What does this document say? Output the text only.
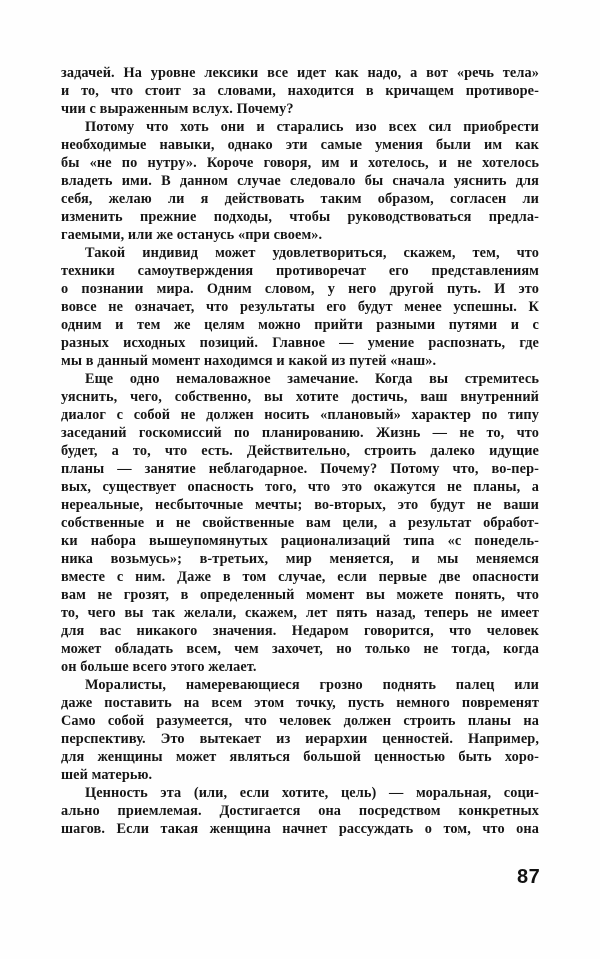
задачей. На уровне лексики все идет как надо, а вот «речь тела»
и то, что стоит за словами, находится в кричащем противоре-
чии с выраженным вслух. Почему?
Потому что хоть они и старались изо всех сил приобрести
необходимые навыки, однако эти самые умения были им как
бы «не по нутру». Короче говоря, им и хотелось, и не хотелось
владеть ими. В данном случае следовало бы сначала уяснить для
себя, желаю ли я действовать таким образом, согласен ли
изменить прежние подходы, чтобы руководствоваться предла-
гаемыми, или же останусь «при своем».
Такой индивид может удовлетвориться, скажем, тем, что
техники самоутверждения противоречат его представлениям
о познании мира. Одним словом, у него другой путь. И это
вовсе не означает, что результаты его будут менее успешны. К
одним и тем же целям можно прийти разными путями и с
разных исходных позиций. Главное — умение распознать, где
мы в данный момент находимся и какой из путей «наш».
Еще одно немаловажное замечание. Когда вы стремитесь
уяснить, чего, собственно, вы хотите достичь, ваш внутренний
диалог с собой не должен носить «плановый» характер по типу
заседаний госкомиссий по планированию. Жизнь — не то, что
будет, а то, что есть. Действительно, строить далеко идущие
планы — занятие неблагодарное. Почему? Потому что, во-пер-
вых, существует опасность того, что это окажутся не планы, а
нереальные, несбыточные мечты; во-вторых, это будут не ваши
собственные и не свойственные вам цели, а результат обработ-
ки набора вышеупомянутых рационализаций типа «с понедель-
ника возьмусь»; в-третьих, мир меняется, и мы меняемся
вместе с ним. Даже в том случае, если первые две опасности
вам не грозят, в определенный момент вы можете понять, что
то, чего вы так желали, скажем, лет пять назад, теперь не имеет
для вас никакого значения. Недаром говорится, что человек
может обладать всем, чем захочет, но только не тогда, когда
он больше всего этого желает.
Моралисты, намеревающиеся грозно поднять палец или
даже поставить на всем этом точку, пусть немного повременят
Само собой разумеется, что человек должен строить планы на
перспективу. Это вытекает из иерархии ценностей. Например,
для женщины может являться большой ценностью быть хоро-
шей матерью.
Ценность эта (или, если хотите, цель) — моральная, соци-
ально приемлемая. Достигается она посредством конкретных
шагов. Если такая женщина начнет рассуждать о том, что она
87
